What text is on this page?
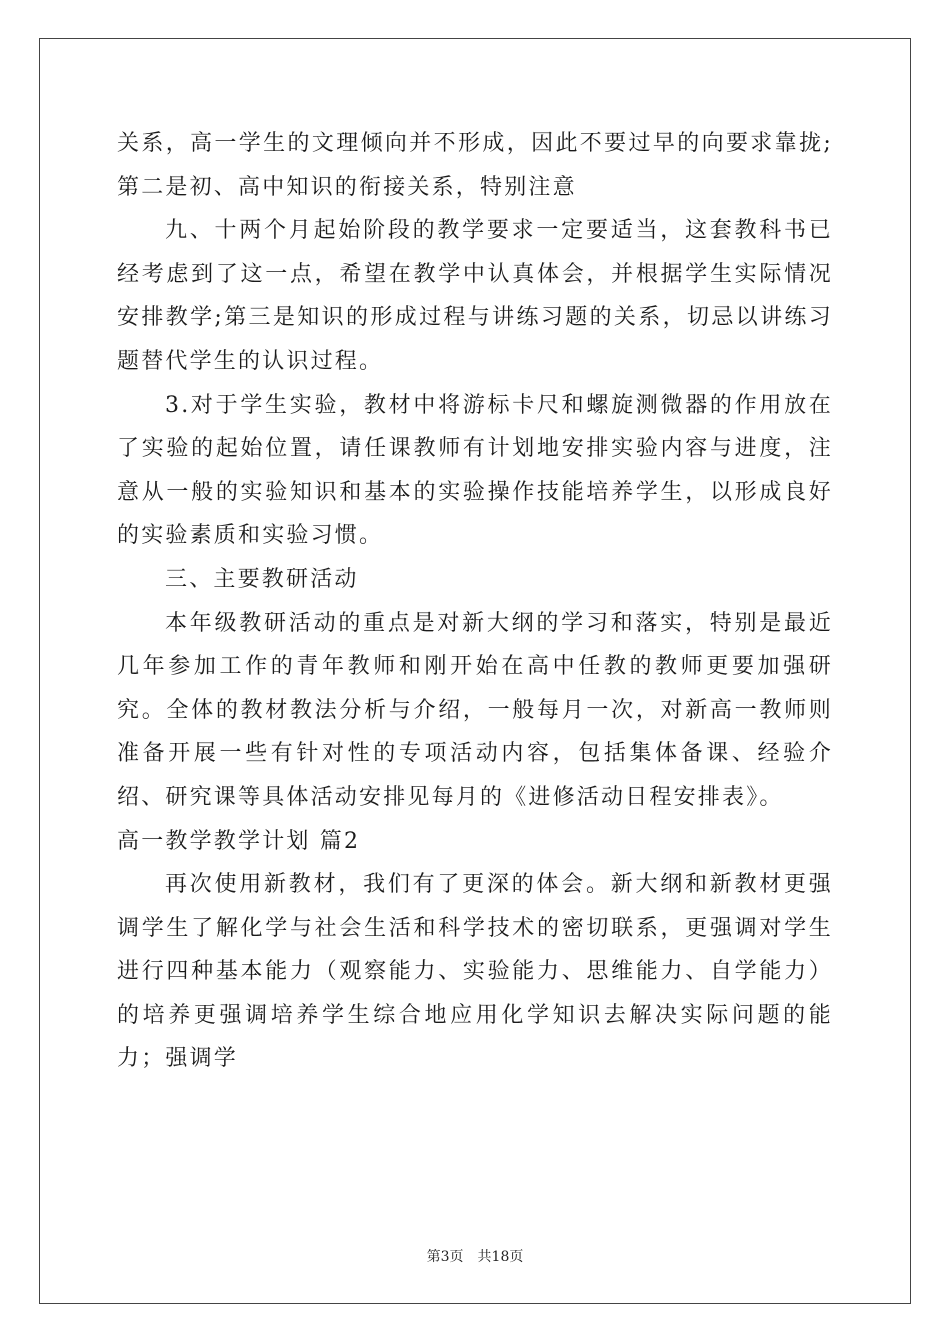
关系，高一学生的文理倾向并不形成，因此不要过早的向要求靠拢;第二是初、高中知识的衔接关系，特别注意

九、十两个月起始阶段的教学要求一定要适当，这套教科书已经考虑到了这一点，希望在教学中认真体会，并根据学生实际情况安排教学;第三是知识的形成过程与讲练习题的关系，切忌以讲练习题替代学生的认识过程。

3.对于学生实验，教材中将游标卡尺和螺旋测微器的作用放在了实验的起始位置，请任课教师有计划地安排实验内容与进度，注意从一般的实验知识和基本的实验操作技能培养学生，以形成良好的实验素质和实验习惯。

三、主要教研活动

本年级教研活动的重点是对新大纲的学习和落实，特别是最近几年参加工作的青年教师和刚开始在高中任教的教师更要加强研究。全体的教材教法分析与介绍，一般每月一次，对新高一教师则准备开展一些有针对性的专项活动内容，包括集体备课、经验介绍、研究课等具体活动安排见每月的《进修活动日程安排表》。

高一教学教学计划 篇2

再次使用新教材，我们有了更深的体会。新大纲和新教材更强调学生了解化学与社会生活和科学技术的密切联系，更强调对学生进行四种基本能力（观察能力、实验能力、思维能力、自学能力）的培养更强调培养学生综合地应用化学知识去解决实际问题的能力；强调学

第3页 共18页
